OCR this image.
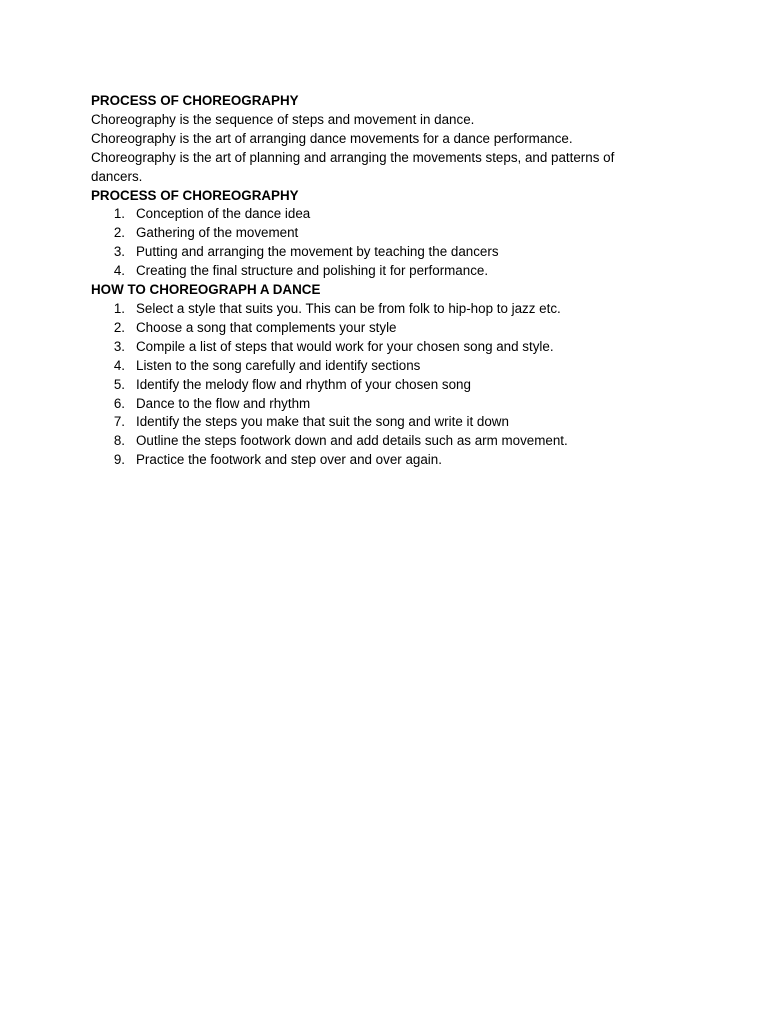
PROCESS OF CHOREOGRAPHY
Choreography is the sequence of steps and movement in dance.
Choreography is the art of arranging dance movements for a dance performance.
Choreography is the art of planning and arranging the movements steps, and patterns of dancers.
PROCESS OF CHOREOGRAPHY
1. Conception of the dance idea
2. Gathering of the movement
3. Putting and arranging the movement by teaching the dancers
4. Creating the final structure and polishing it for performance.
HOW TO CHOREOGRAPH A DANCE
1. Select a style that suits you. This can be from folk to hip-hop to jazz etc.
2. Choose a song that complements your style
3. Compile a list of steps that would work for your chosen song and style.
4. Listen to the song carefully and identify sections
5. Identify the melody flow and rhythm of your chosen song
6. Dance to the flow and rhythm
7. Identify the steps you make that suit the song and write it down
8. Outline the steps footwork down and add details such as arm movement.
9. Practice the footwork and step over and over again.
